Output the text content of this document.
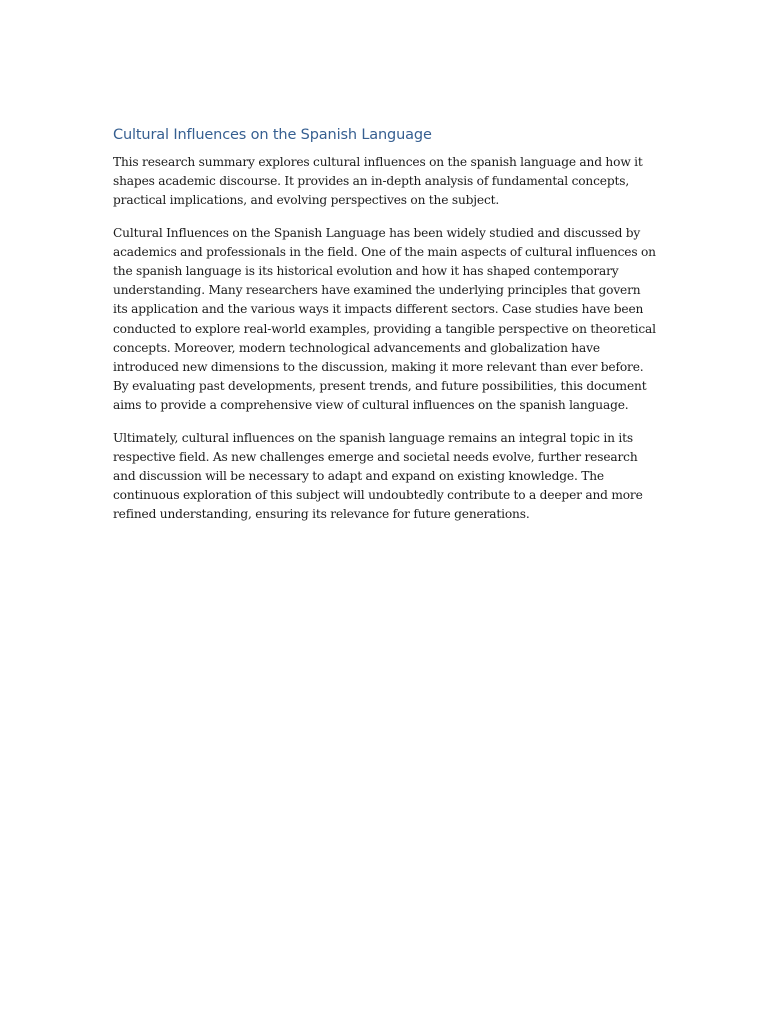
Cultural Influences on the Spanish Language

This research summary explores cultural influences on the spanish language and how it shapes academic discourse. It provides an in-depth analysis of fundamental concepts, practical implications, and evolving perspectives on the subject.

Cultural Influences on the Spanish Language has been widely studied and discussed by academics and professionals in the field. One of the main aspects of cultural influences on the spanish language is its historical evolution and how it has shaped contemporary understanding. Many researchers have examined the underlying principles that govern its application and the various ways it impacts different sectors. Case studies have been conducted to explore real-world examples, providing a tangible perspective on theoretical concepts. Moreover, modern technological advancements and globalization have introduced new dimensions to the discussion, making it more relevant than ever before. By evaluating past developments, present trends, and future possibilities, this document aims to provide a comprehensive view of cultural influences on the spanish language.

Ultimately, cultural influences on the spanish language remains an integral topic in its respective field. As new challenges emerge and societal needs evolve, further research and discussion will be necessary to adapt and expand on existing knowledge. The continuous exploration of this subject will undoubtedly contribute to a deeper and more refined understanding, ensuring its relevance for future generations.
